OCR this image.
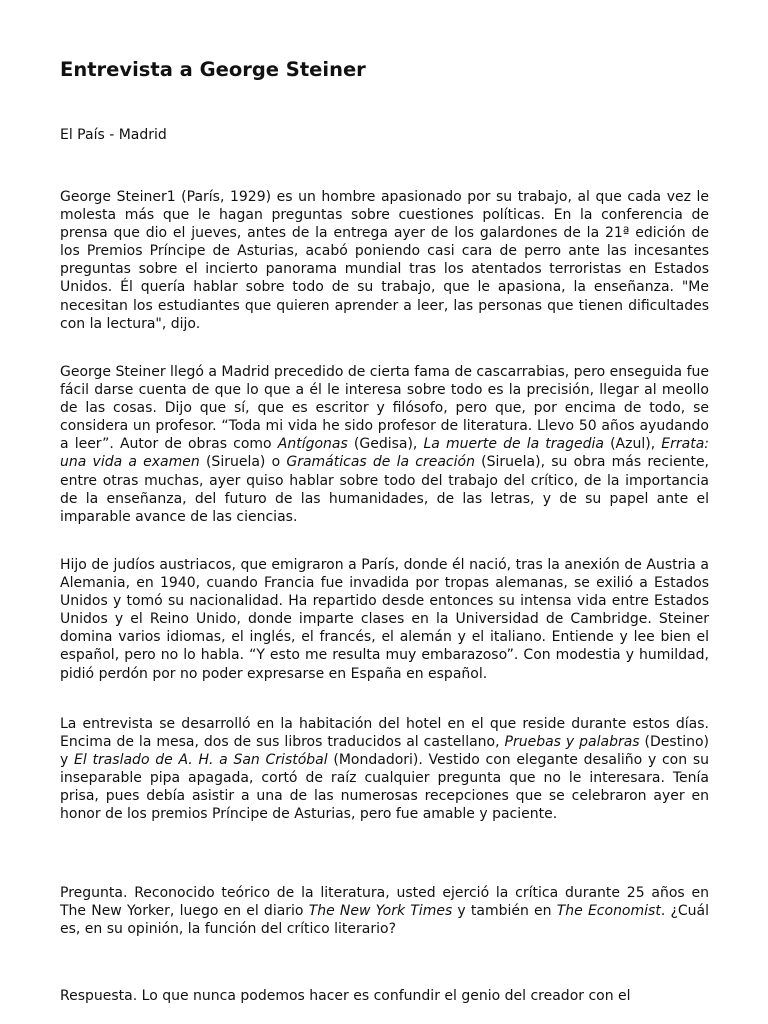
Entrevista a George Steiner

El País - Madrid

George Steiner1 (París, 1929) es un hombre apasionado por su trabajo, al que cada vez le molesta más que le hagan preguntas sobre cuestiones políticas. En la conferencia de prensa que dio el jueves, antes de la entrega ayer de los galardones de la 21ª edición de los Premios Príncipe de Asturias, acabó poniendo casi cara de perro ante las incesantes preguntas sobre el incierto panorama mundial tras los atentados terroristas en Estados Unidos. Él quería hablar sobre todo de su trabajo, que le apasiona, la enseñanza. "Me necesitan los estudiantes que quieren aprender a leer, las personas que tienen dificultades con la lectura", dijo.

George Steiner llegó a Madrid precedido de cierta fama de cascarrabias, pero enseguida fue fácil darse cuenta de que lo que a él le interesa sobre todo es la precisión, llegar al meollo de las cosas. Dijo que sí, que es escritor y filósofo, pero que, por encima de todo, se considera un profesor. “Toda mi vida he sido profesor de literatura. Llevo 50 años ayudando a leer”. Autor de obras como Antígonas (Gedisa), La muerte de la tragedia (Azul), Errata: una vida a examen (Siruela) o Gramáticas de la creación (Siruela), su obra más reciente, entre otras muchas, ayer quiso hablar sobre todo del trabajo del crítico, de la importancia de la enseñanza, del futuro de las humanidades, de las letras, y de su papel ante el imparable avance de las ciencias.

Hijo de judíos austriacos, que emigraron a París, donde él nació, tras la anexión de Austria a Alemania, en 1940, cuando Francia fue invadida por tropas alemanas, se exilió a Estados Unidos y tomó su nacionalidad. Ha repartido desde entonces su intensa vida entre Estados Unidos y el Reino Unido, donde imparte clases en la Universidad de Cambridge. Steiner domina varios idiomas, el inglés, el francés, el alemán y el italiano. Entiende y lee bien el español, pero no lo habla. “Y esto me resulta muy embarazoso”. Con modestia y humildad, pidió perdón por no poder expresarse en España en español.

La entrevista se desarrolló en la habitación del hotel en el que reside durante estos días. Encima de la mesa, dos de sus libros traducidos al castellano, Pruebas y palabras (Destino) y El traslado de A. H. a San Cristóbal (Mondadori). Vestido con elegante desaliño y con su inseparable pipa apagada, cortó de raíz cualquier pregunta que no le interesara. Tenía prisa, pues debía asistir a una de las numerosas recepciones que se celebraron ayer en honor de los premios Príncipe de Asturias, pero fue amable y paciente.

Pregunta. Reconocido teórico de la literatura, usted ejerció la crítica durante 25 años en The New Yorker, luego en el diario The New York Times y también en The Economist. ¿Cuál es, en su opinión, la función del crítico literario?

Respuesta. Lo que nunca podemos hacer es confundir el genio del creador con el
